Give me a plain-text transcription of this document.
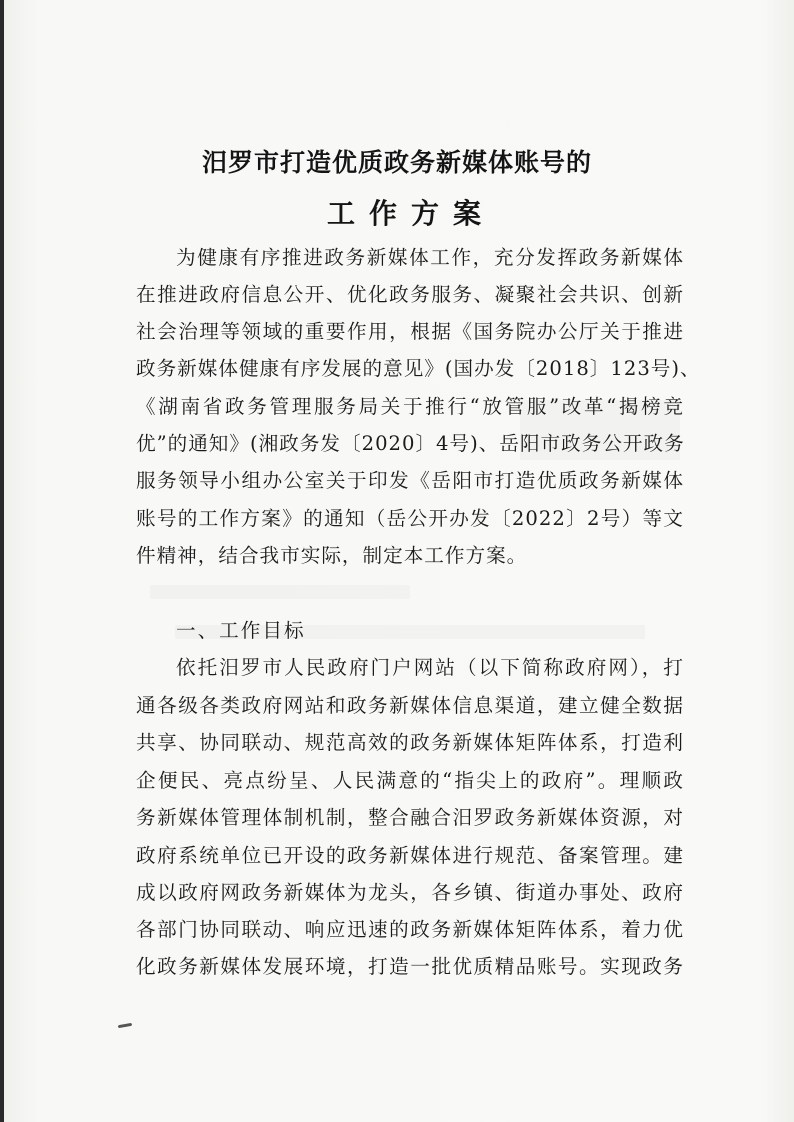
汨罗市打造优质政务新媒体账号的
工作方案
为健康有序推进政务新媒体工作，充分发挥政务新媒体
在推进政府信息公开、优化政务服务、凝聚社会共识、创新
社会治理等领域的重要作用，根据《国务院办公厅关于推进
政务新媒体健康有序发展的意见》(国办发〔2018〕123号)、
《湖南省政务管理服务局关于推行“放管服”改革“揭榜竞
优”的通知》(湘政务发〔2020〕4号)、岳阳市政务公开政务
服务领导小组办公室关于印发《岳阳市打造优质政务新媒体
账号的工作方案》的通知（岳公开办发〔2022〕2号）等文
件精神，结合我市实际，制定本工作方案。
一、工作目标
依托汨罗市人民政府门户网站（以下简称政府网），打
通各级各类政府网站和政务新媒体信息渠道，建立健全数据
共享、协同联动、规范高效的政务新媒体矩阵体系，打造利
企便民、亮点纷呈、人民满意的“指尖上的政府”。理顺政
务新媒体管理体制机制，整合融合汨罗政务新媒体资源，对
政府系统单位已开设的政务新媒体进行规范、备案管理。建
成以政府网政务新媒体为龙头，各乡镇、街道办事处、政府
各部门协同联动、响应迅速的政务新媒体矩阵体系，着力优
化政务新媒体发展环境，打造一批优质精品账号。实现政务
